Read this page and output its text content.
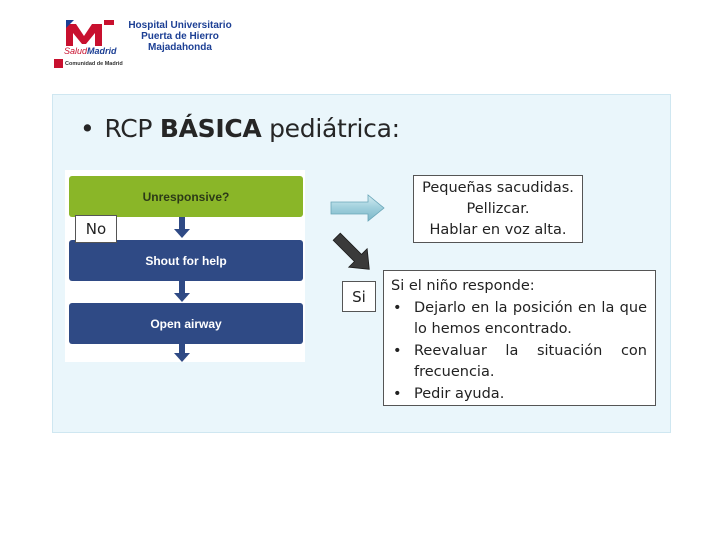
SaludMadrid
Hospital Universitario
Puerta de Hierro
Majadahonda
Comunidad de Madrid
• RCP BÁSICA pediátrica:
Unresponsive?
Shout for help
Open airway
No
Si
Pequeñas sacudidas.
Pellizcar.
Hablar en voz alta.
Si el niño responde:
• Dejarlo en la posición en la que lo hemos encontrado.
• Reevaluar la situación con frecuencia.
• Pedir ayuda.
